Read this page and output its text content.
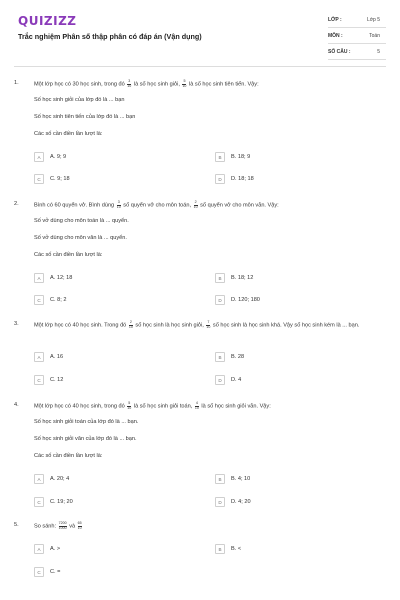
QUIZIZZ
Trắc nghiệm Phân số thập phân có đáp án (Vận dụng)
LỚP :	Lớp 5
MÔN :	Toán
SỐ CÂU :	5
1.	Một lớp học có 30 học sinh, trong đó $\frac{3}{10}$ là số học sinh giỏi, $\frac{5}{10}$ là số học sinh tiên tiến. Vậy:
Số học sinh giỏi của lớp đó là ... bạn
Số học sinh tiên tiến của lớp đó là ... bạn
Các số cần điền lần lượt là:
A	A. 9; 9	B	B. 18; 9
C	C. 9; 18	D	D. 18; 18
2.	Bình có 60 quyển vở. Bình dùng $\frac{3}{10}$ số quyển vở cho môn toán, $\frac{2}{10}$ số quyển vở cho môn văn. Vậy:
Số vở dùng cho môn toán là ... quyển.
Số vở dùng cho môn văn là ... quyển.
Các số cần điền lần lượt là:
A	A. 12; 18	B	B. 18; 12
C	C. 8; 2	D	D. 120; 180
3.	Một lớp học có 40 học sinh. Trong đó $\frac{2}{10}$ số học sinh là học sinh giỏi, $\frac{7}{10}$ số học sinh là học sinh khá. Vậy số học sinh kém là ... bạn.
A	A. 16	B	B. 28
C	C. 12	D	D. 4
4.	Một lớp học có 40 học sinh, trong đó $\frac{5}{10}$ là số học sinh giỏi toán, $\frac{4}{10}$ là số học sinh giỏi văn. Vậy:
Số học sinh giỏi toán của lớp đó là ... bạn.
Số học sinh giỏi văn của lớp đó là ... bạn.
Các số cần điền lần lượt là:
A	A. 20; 4	B	B. 4; 10
C	C. 19; 20	D	D. 4; 20
5.	So sánh: $\frac{7200}{1000}$ và $\frac{65}{10}$
A	A. >	B	B. <
C	C. =
